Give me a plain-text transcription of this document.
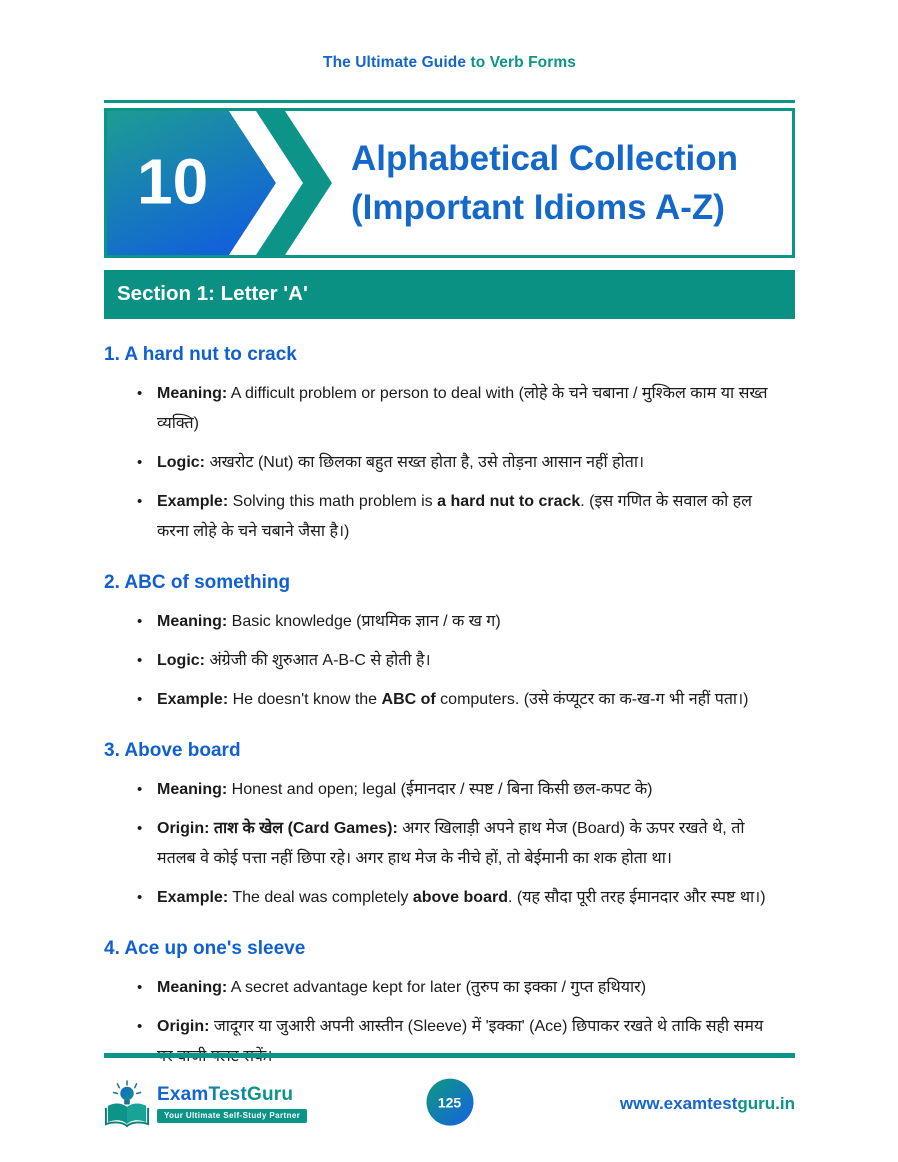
The Ultimate Guide to Verb Forms
10	Alphabetical Collection
(Important Idioms A-Z)
Section 1: Letter 'A'
1. A hard nut to crack
• Meaning: A difficult problem or person to deal with (लोहे के चने चबाना / मुश्किल काम या सख्त व्यक्ति)
• Logic: अखरोट (Nut) का छिलका बहुत सख्त होता है, उसे तोड़ना आसान नहीं होता।
• Example: Solving this math problem is a hard nut to crack. (इस गणित के सवाल को हल करना लोहे के चने चबाने जैसा है।)
2. ABC of something
• Meaning: Basic knowledge (प्राथमिक ज्ञान / क ख ग)
• Logic: अंग्रेजी की शुरुआत A-B-C से होती है।
• Example: He doesn't know the ABC of computers. (उसे कंप्यूटर का क-ख-ग भी नहीं पता।)
3. Above board
• Meaning: Honest and open; legal (ईमानदार / स्पष्ट / बिना किसी छल-कपट के)
• Origin: ताश के खेल (Card Games): अगर खिलाड़ी अपने हाथ मेज (Board) के ऊपर रखते थे, तो मतलब वे कोई पत्ता नहीं छिपा रहे। अगर हाथ मेज के नीचे हों, तो बेईमानी का शक होता था।
• Example: The deal was completely above board. (यह सौदा पूरी तरह ईमानदार और स्पष्ट था।)
4. Ace up one's sleeve
• Meaning: A secret advantage kept for later (तुरुप का इक्का / गुप्त हथियार)
• Origin: जादूगर या जुआरी अपनी आस्तीन (Sleeve) में 'इक्का' (Ace) छिपाकर रखते थे ताकि सही समय पर बाजी पलट सकें।
ExamTestGuru
Your Ultimate Self-Study Partner
125	www.examtestguru.in
